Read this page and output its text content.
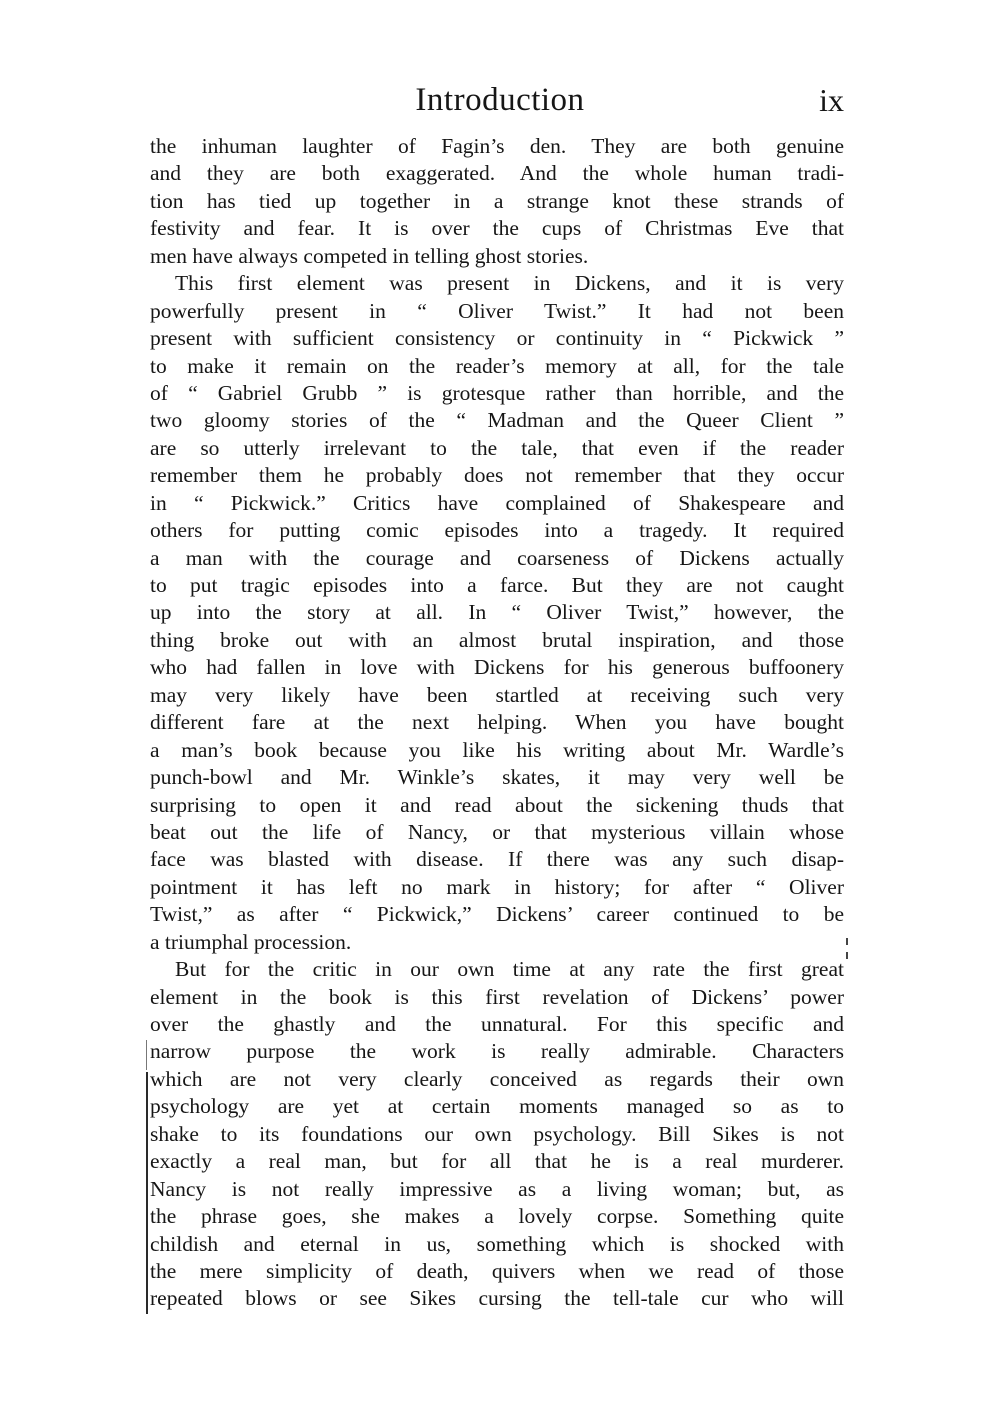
Introduction	ix
the inhuman laughter of Fagin’s den. They are both genuine
and they are both exaggerated. And the whole human tradi-
tion has tied up together in a strange knot these strands of
festivity and fear. It is over the cups of Christmas Eve that
men have always competed in telling ghost stories.
This first element was present in Dickens, and it is very
powerfully present in “ Oliver Twist.” It had not been
present with sufficient consistency or continuity in “ Pickwick ”
to make it remain on the reader’s memory at all, for the tale
of “ Gabriel Grubb ” is grotesque rather than horrible, and the
two gloomy stories of the “ Madman and the Queer Client ”
are so utterly irrelevant to the tale, that even if the reader
remember them he probably does not remember that they occur
in “ Pickwick.” Critics have complained of Shakespeare and
others for putting comic episodes into a tragedy. It required
a man with the courage and coarseness of Dickens actually
to put tragic episodes into a farce. But they are not caught
up into the story at all. In “ Oliver Twist,” however, the
thing broke out with an almost brutal inspiration, and those
who had fallen in love with Dickens for his generous buffoonery
may very likely have been startled at receiving such very
different fare at the next helping. When you have bought
a man’s book because you like his writing about Mr. Wardle’s
punch-bowl and Mr. Winkle’s skates, it may very well be
surprising to open it and read about the sickening thuds that
beat out the life of Nancy, or that mysterious villain whose
face was blasted with disease. If there was any such disap-
pointment it has left no mark in history; for after “ Oliver
Twist,” as after “ Pickwick,” Dickens’ career continued to be
a triumphal procession.
But for the critic in our own time at any rate the first great
element in the book is this first revelation of Dickens’ power
over the ghastly and the unnatural. For this specific and
narrow purpose the work is really admirable. Characters
which are not very clearly conceived as regards their own
psychology are yet at certain moments managed so as to
shake to its foundations our own psychology. Bill Sikes is not
exactly a real man, but for all that he is a real murderer.
Nancy is not really impressive as a living woman; but, as
the phrase goes, she makes a lovely corpse. Something quite
childish and eternal in us, something which is shocked with
the mere simplicity of death, quivers when we read of those
repeated blows or see Sikes cursing the tell-tale cur who will
